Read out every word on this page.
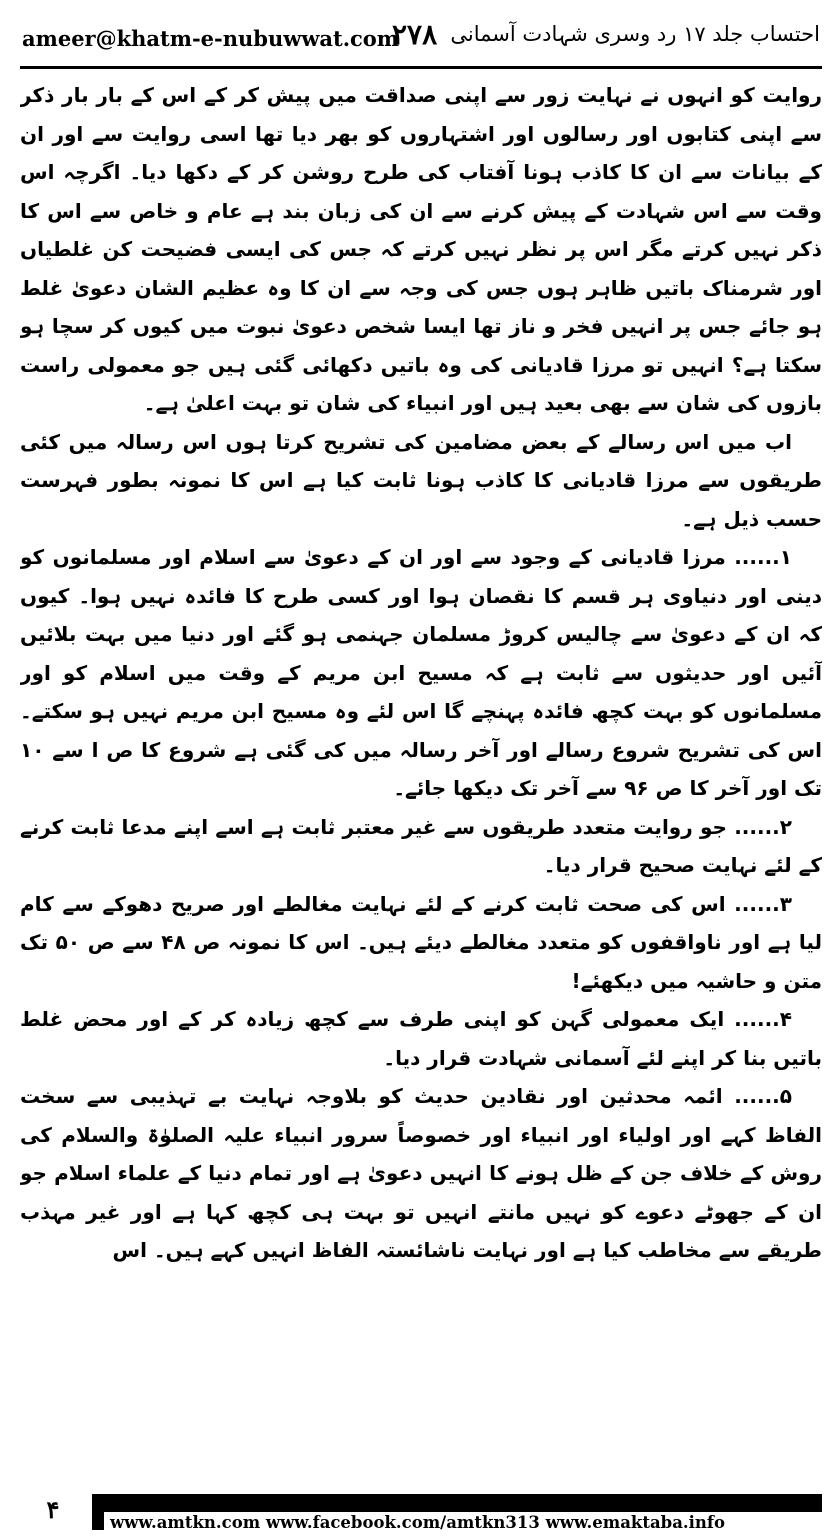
ameer@khatm-e-nubuwwat.com
۲۷۸ احتساب جلد ۱۷ رد وسری شہادت آسمانی

روایت کو انہوں نے نہایت زور سے اپنی صداقت میں پیش کر کے اس کے بار بار ذکر سے اپنی کتابوں اور رسالوں اور اشتہاروں کو بھر دیا تھا اسی روایت سے اور ان کے بیانات سے ان کا کاذب ہونا آفتاب کی طرح روشن کر کے دکھا دیا۔ اگرچہ اس وقت سے اس شہادت کے پیش کرنے سے ان کی زبان بند ہے عام و خاص سے اس کا ذکر نہیں کرتے مگر اس پر نظر نہیں کرتے کہ جس کی ایسی فضیحت کن غلطیاں اور شرمناک باتیں ظاہر ہوں جس کی وجہ سے ان کا وہ عظیم الشان دعویٰ غلط ہو جائے جس پر انہیں فخر و ناز تھا ایسا شخص دعویٰ نبوت میں کیوں کر سچا ہو سکتا ہے؟ انہیں تو مرزا قادیانی کی وہ باتیں دکھائی گئی ہیں جو معمولی راست بازوں کی شان سے بھی بعید ہیں اور انبیاء کی شان تو بہت اعلیٰ ہے۔

اب میں اس رسالے کے بعض مضامین کی تشریح کرتا ہوں اس رسالہ میں کئی طریقوں سے مرزا قادیانی کا کاذب ہونا ثابت کیا ہے اس کا نمونہ بطور فہرست حسب ذیل ہے۔

۱...... مرزا قادیانی کے وجود سے اور ان کے دعویٰ سے اسلام اور مسلمانوں کو دینی اور دنیاوی ہر قسم کا نقصان ہوا اور کسی طرح کا فائدہ نہیں ہوا۔ کیوں کہ ان کے دعویٰ سے چالیس کروڑ مسلمان جہنمی ہو گئے اور دنیا میں بہت بلائیں آئیں اور حدیثوں سے ثابت ہے کہ مسیح ابن مریم کے وقت میں اسلام کو اور مسلمانوں کو بہت کچھ فائدہ پہنچے گا اس لئے وہ مسیح ابن مریم نہیں ہو سکتے۔ اس کی تشریح شروع رسالے اور آخر رسالہ میں کی گئی ہے شروع کا ص ا سے ۱۰ تک اور آخر کا ص ۹۶ سے آخر تک دیکھا جائے۔

۲...... جو روایت متعدد طریقوں سے غیر معتبر ثابت ہے اسے اپنے مدعا ثابت کرنے کے لئے نہایت صحیح قرار دیا۔

۳...... اس کی صحت ثابت کرنے کے لئے نہایت مغالطے اور صریح دھوکے سے کام لیا ہے اور ناواقفوں کو متعدد مغالطے دیئے ہیں۔ اس کا نمونہ ص ۴۸ سے ص ۵۰ تک متن و حاشیہ میں دیکھئے!

۴...... ایک معمولی گہن کو اپنی طرف سے کچھ زیادہ کر کے اور محض غلط باتیں بنا کر اپنے لئے آسمانی شہادت قرار دیا۔

۵...... ائمہ محدثین اور نقادین حدیث کو بلاوجہ نہایت بے تہذیبی سے سخت الفاظ کہے اور اولیاء اور انبیاء اور خصوصاً سرور انبیاء علیہ الصلوٰۃ والسلام کی روش کے خلاف جن کے ظل ہونے کا انہیں دعویٰ ہے اور تمام دنیا کے علماء اسلام جو ان کے جھوٹے دعوے کو نہیں مانتے انہیں تو بہت ہی کچھ کہا ہے اور غیر مہذب طریقے سے مخاطب کیا ہے اور نہایت ناشائستہ الفاظ انہیں کہے ہیں۔ اس

۴	www.amtkn.com www.facebook.com/amtkn313 www.emaktaba.info
